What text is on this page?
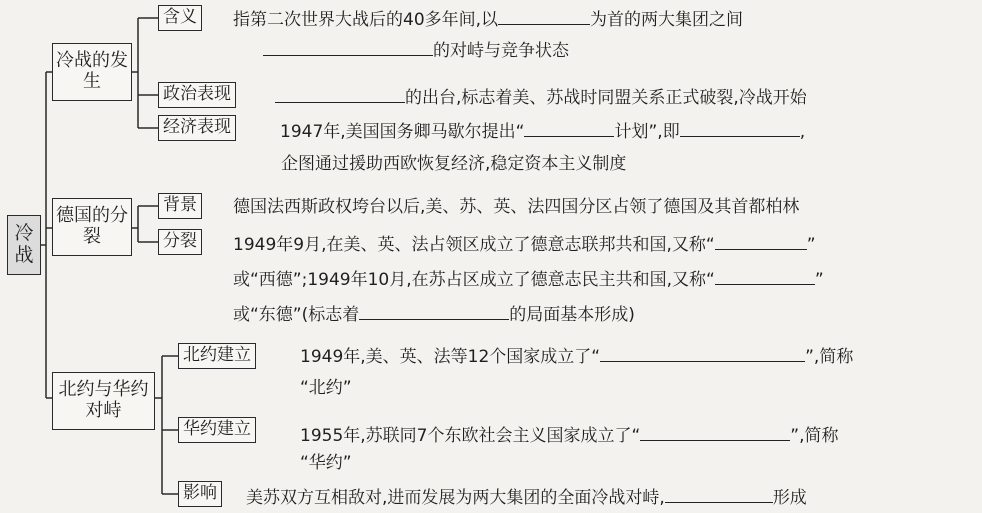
冷战
冷战的发生
德国的分裂
北约与华约对峙
含义
政治表现
经济表现
背景
分裂
北约建立
华约建立
影响
指第二次世界大战后的40多年间,以	为首的两大集团之间
的对峙与竞争状态
的出台,标志着美、苏战时同盟关系正式破裂,冷战开始
1947年,美国国务卿马歇尔提出“	计划”,即	,
企图通过援助西欧恢复经济,稳定资本主义制度
德国法西斯政权垮台以后,美、苏、英、法四国分区占领了德国及其首都柏林
1949年9月,在美、英、法占领区成立了德意志联邦共和国,又称“	”
或“西德”;1949年10月,在苏占区成立了德意志民主共和国,又称“	”
或“东德”(标志着	的局面基本形成)
1949年,美、英、法等12个国家成立了“	”,简称
“北约”
1955年,苏联同7个东欧社会主义国家成立了“	”,简称
“华约”
美苏双方互相敌对,进而发展为两大集团的全面冷战对峙,	形成
